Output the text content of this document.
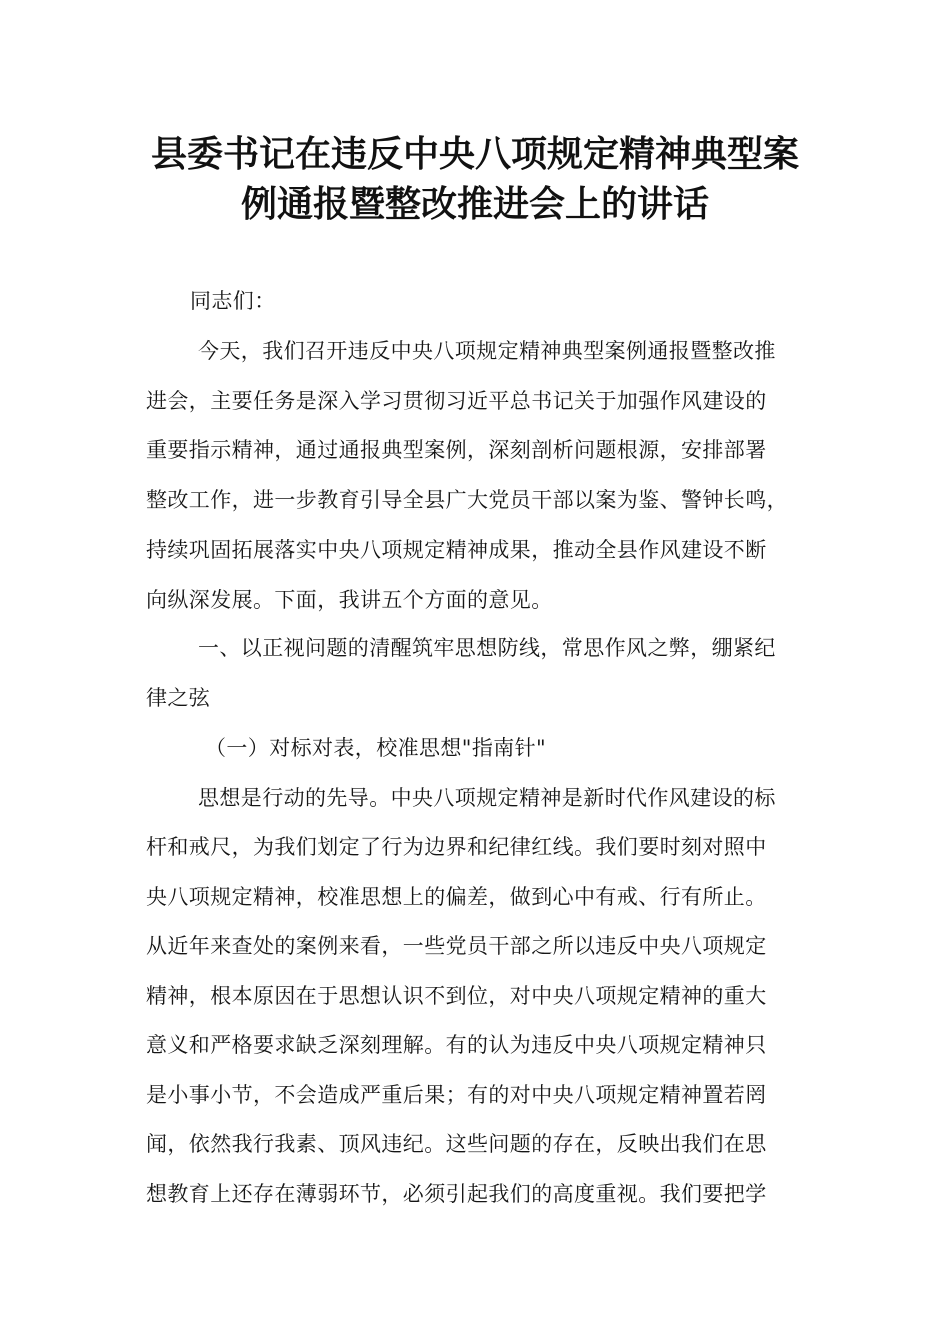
县委书记在违反中央八项规定精神典型案
例通报暨整改推进会上的讲话
同志们：
今天，我们召开违反中央八项规定精神典型案例通报暨整改推
进会，主要任务是深入学习贯彻习近平总书记关于加强作风建设的
重要指示精神，通过通报典型案例，深刻剖析问题根源，安排部署
整改工作，进一步教育引导全县广大党员干部以案为鉴、警钟长鸣，
持续巩固拓展落实中央八项规定精神成果，推动全县作风建设不断
向纵深发展。下面，我讲五个方面的意见。
一、以正视问题的清醒筑牢思想防线，常思作风之弊，绷紧纪
律之弦
（一）对标对表，校准思想"指南针"
思想是行动的先导。中央八项规定精神是新时代作风建设的标
杆和戒尺，为我们划定了行为边界和纪律红线。我们要时刻对照中
央八项规定精神，校准思想上的偏差，做到心中有戒、行有所止。
从近年来查处的案例来看，一些党员干部之所以违反中央八项规定
精神，根本原因在于思想认识不到位，对中央八项规定精神的重大
意义和严格要求缺乏深刻理解。有的认为违反中央八项规定精神只
是小事小节，不会造成严重后果；有的对中央八项规定精神置若罔
闻，依然我行我素、顶风违纪。这些问题的存在，反映出我们在思
想教育上还存在薄弱环节，必须引起我们的高度重视。我们要把学
